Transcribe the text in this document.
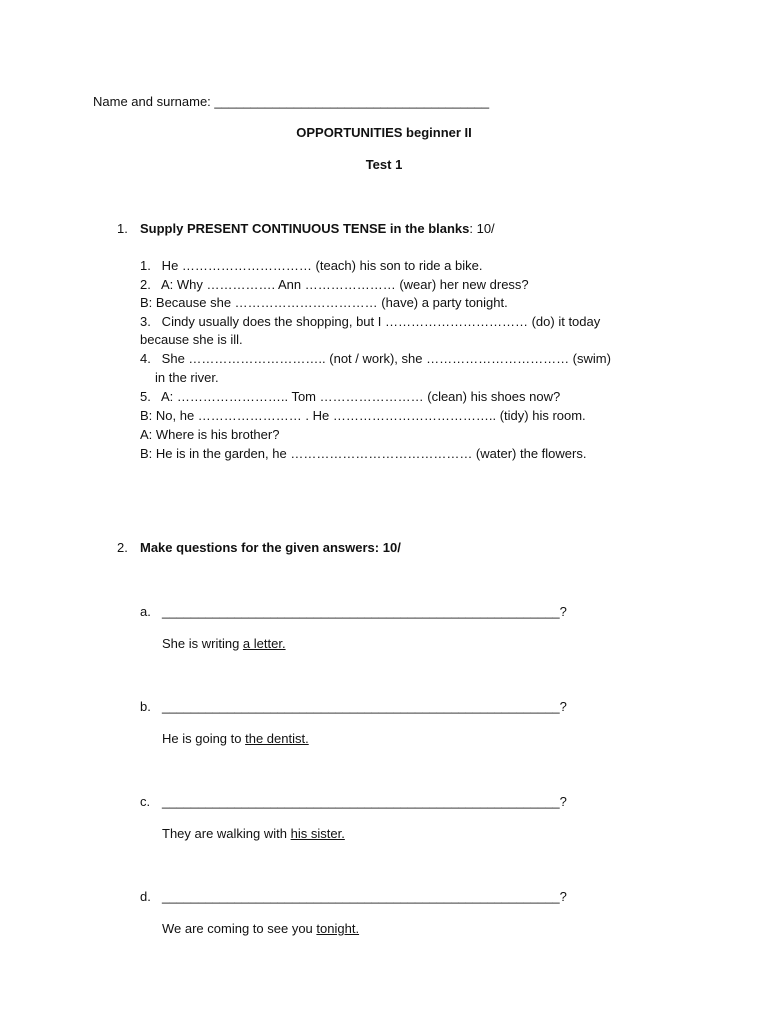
Name and surname: ______________________________________
OPPORTUNITIES beginner II
Test 1
1. Supply PRESENT CONTINUOUS TENSE in the blanks: 10/
1.   He ………………………… (teach) his son to ride a bike.
2.   A: Why ……………. Ann ………………… (wear) her new dress?
B: Because she …………………………… (have) a party tonight.
3.   Cindy usually does the shopping, but I …………………………… (do) it today
because she is ill.
4.   She ………………………….. (not / work), she …………………………… (swim)
in the river.
5.   A: …………………….. Tom …………………… (clean) his shoes now?
B: No, he …………………… . He ……………………………….. (tidy) his room.
A: Where is his brother?
B: He is in the garden, he …………………………………… (water) the flowers.
2. Make questions for the given answers: 10/
a. _______________________________________________________?
She is writing a letter.
b. _______________________________________________________?
He is going to the dentist.
c. _______________________________________________________?
They are walking with his sister.
d. _______________________________________________________?
We are coming to see you tonight.
